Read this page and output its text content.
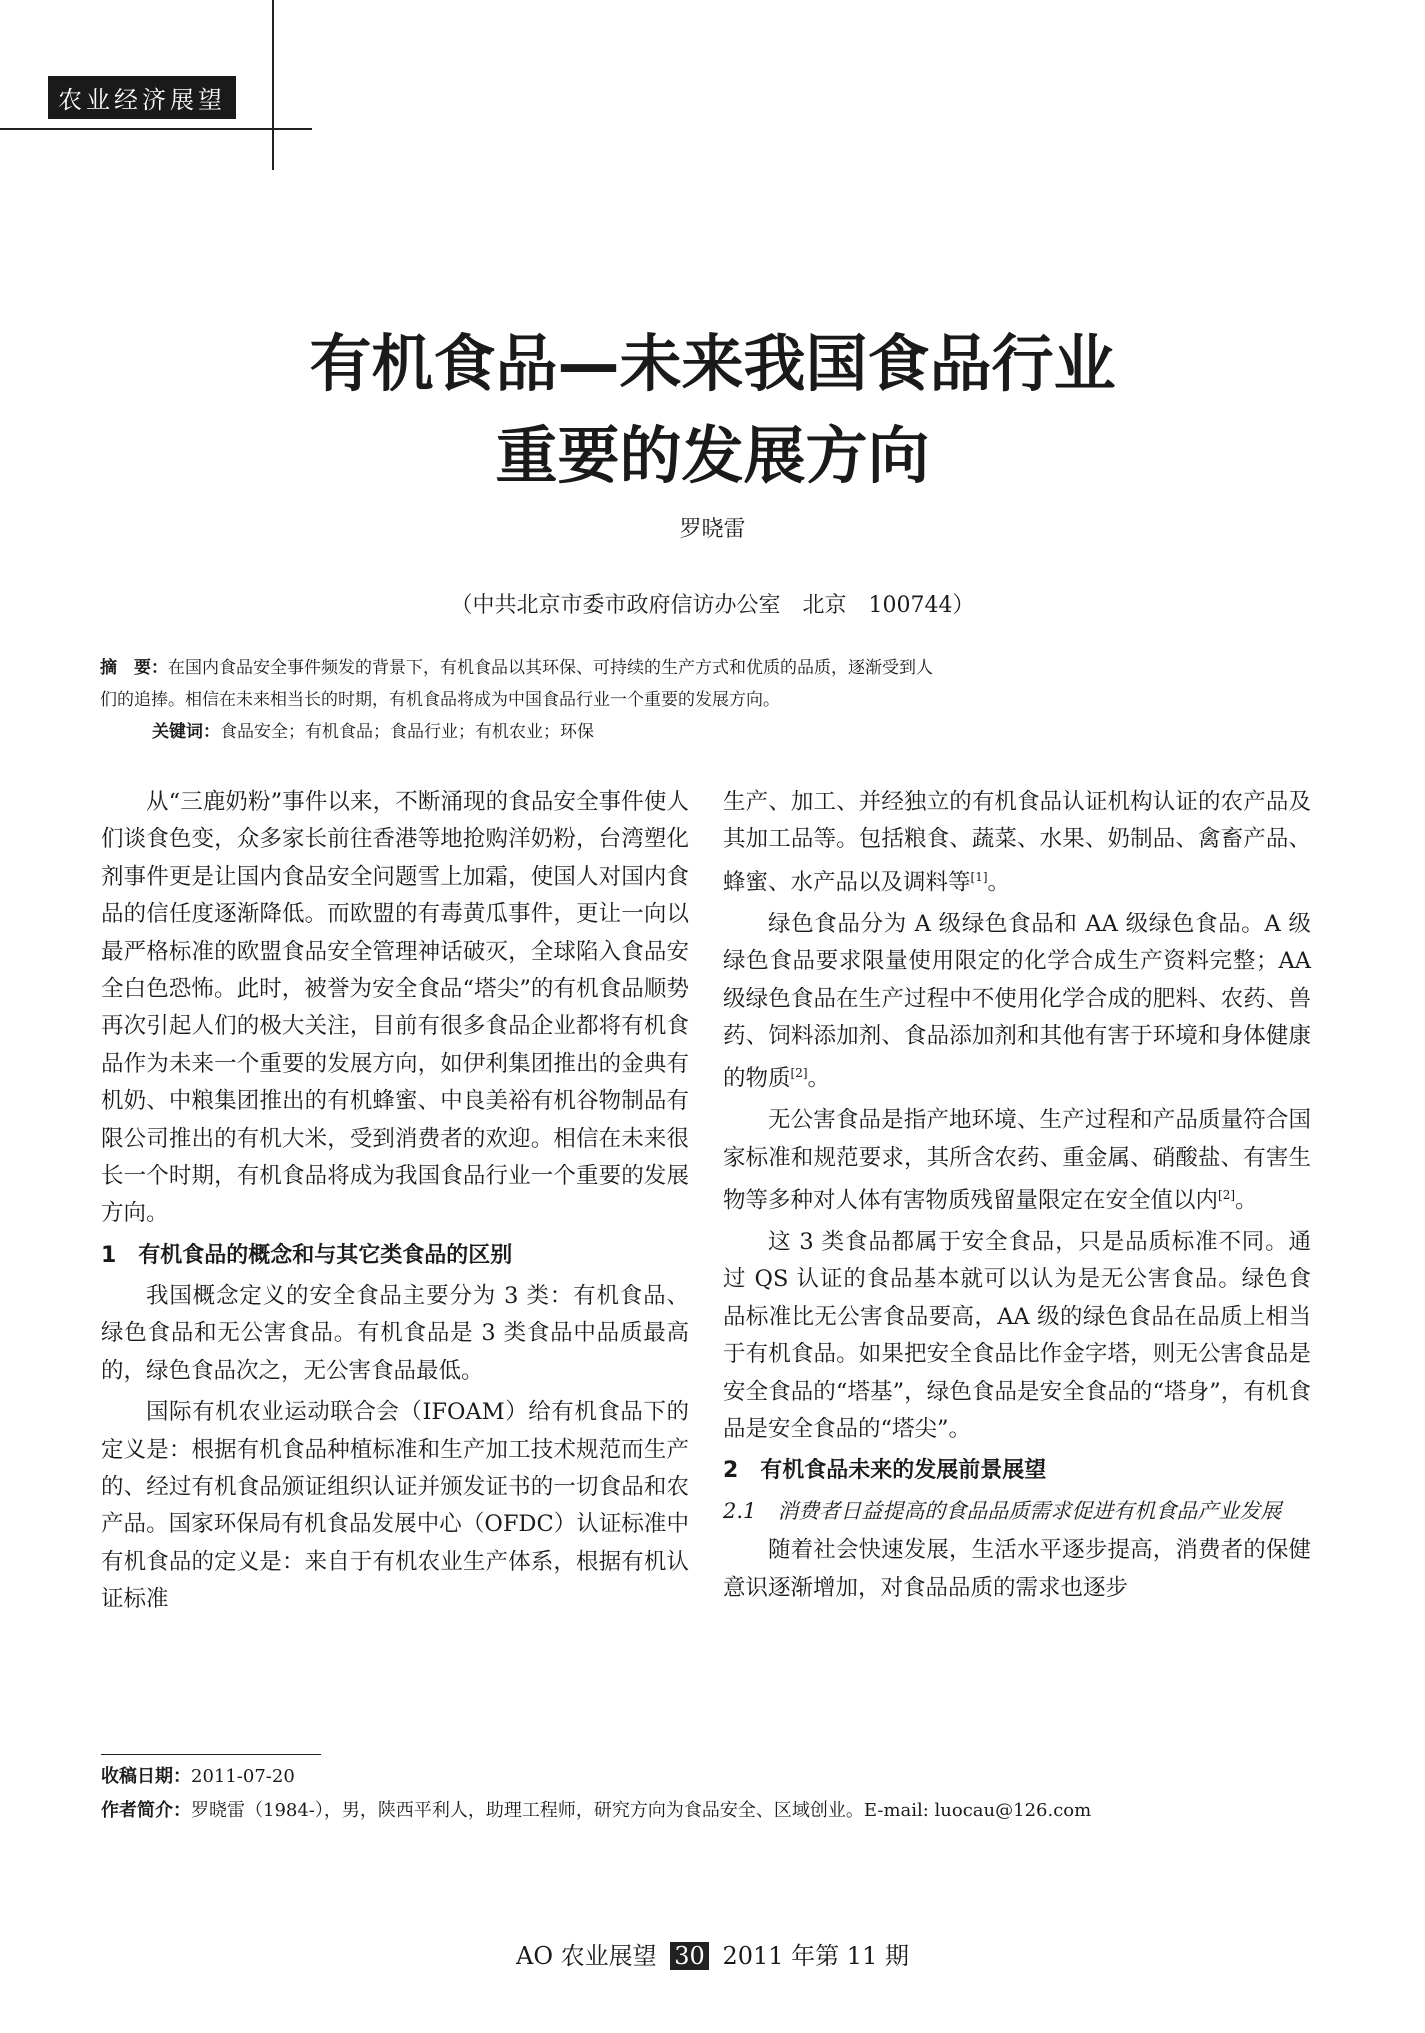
农业经济展望
有机食品—未来我国食品行业
重要的发展方向
罗晓雷
（中共北京市委市政府信访办公室　北京　100744）
摘　要：在国内食品安全事件频发的背景下，有机食品以其环保、可持续的生产方式和优质的品质，逐渐受到人
们的追捧。相信在未来相当长的时期，有机食品将成为中国食品行业一个重要的发展方向。
关键词：食品安全；有机食品；食品行业；有机农业；环保

从“三鹿奶粉”事件以来，不断涌现的食品安全事件使人们谈食色变，众多家长前往香港等地抢购洋奶粉，台湾塑化剂事件更是让国内食品安全问题雪上加霜，使国人对国内食品的信任度逐渐降低。而欧盟的有毒黄瓜事件，更让一向以最严格标准的欧盟食品安全管理神话破灭，全球陷入食品安全白色恐怖。此时，被誉为安全食品“塔尖”的有机食品顺势再次引起人们的极大关注，目前有很多食品企业都将有机食品作为未来一个重要的发展方向，如伊利集团推出的金典有机奶、中粮集团推出的有机蜂蜜、中良美裕有机谷物制品有限公司推出的有机大米，受到消费者的欢迎。相信在未来很长一个时期，有机食品将成为我国食品行业一个重要的发展方向。

1　有机食品的概念和与其它类食品的区别

我国概念定义的安全食品主要分为 3 类：有机食品、绿色食品和无公害食品。有机食品是 3 类食品中品质最高的，绿色食品次之，无公害食品最低。

国际有机农业运动联合会（IFOAM）给有机食品下的定义是：根据有机食品种植标准和生产加工技术规范而生产的、经过有机食品颁证组织认证并颁发证书的一切食品和农产品。国家环保局有机食品发展中心（OFDC）认证标准中有机食品的定义是：来自于有机农业生产体系，根据有机认证标准

生产、加工、并经独立的有机食品认证机构认证的农产品及其加工品等。包括粮食、蔬菜、水果、奶制品、禽畜产品、蜂蜜、水产品以及调料等[1]。

绿色食品分为 A 级绿色食品和 AA 级绿色食品。A 级绿色食品要求限量使用限定的化学合成生产资料完整；AA 级绿色食品在生产过程中不使用化学合成的肥料、农药、兽药、饲料添加剂、食品添加剂和其他有害于环境和身体健康的物质[2]。

无公害食品是指产地环境、生产过程和产品质量符合国家标准和规范要求，其所含农药、重金属、硝酸盐、有害生物等多种对人体有害物质残留量限定在安全值以内[2]。

这 3 类食品都属于安全食品，只是品质标准不同。通过 QS 认证的食品基本就可以认为是无公害食品。绿色食品标准比无公害食品要高，AA 级的绿色食品在品质上相当于有机食品。如果把安全食品比作金字塔，则无公害食品是安全食品的“塔基”，绿色食品是安全食品的“塔身”，有机食品是安全食品的“塔尖”。

2　有机食品未来的发展前景展望
2.1　消费者日益提高的食品品质需求促进有机食品产业发展

随着社会快速发展，生活水平逐步提高，消费者的保健意识逐渐增加，对食品品质的需求也逐步

收稿日期：2011-07-20
作者简介：罗晓雷（1984-），男，陕西平利人，助理工程师，研究方向为食品安全、区域创业。E-mail: luocau@126.com
AO 农业展望 30 2011 年第 11 期
